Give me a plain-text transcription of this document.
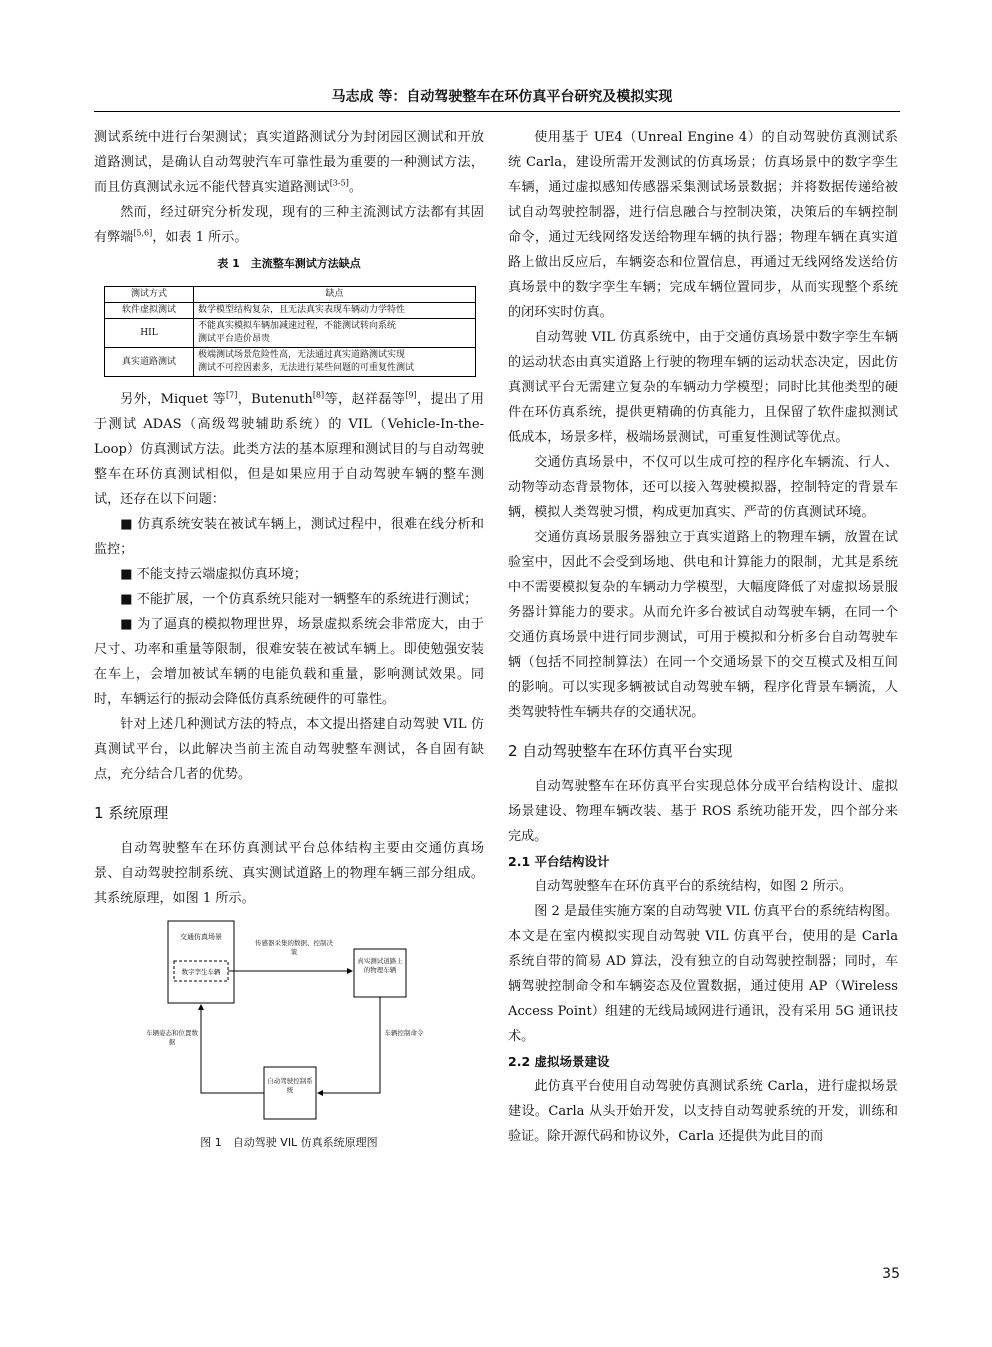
马志成 等：自动驾驶整车在环仿真平台研究及模拟实现

测试系统中进行台架测试；真实道路测试分为封闭园区测试和开放道路测试，是确认自动驾驶汽车可靠性最为重要的一种测试方法，而且仿真测试永远不能代替真实道路测试[3-5]。

然而，经过研究分析发现，现有的三种主流测试方法都有其固有弊端[5,6]，如表 1 所示。

表 1　主流整车测试方法缺点
测试方式	缺点
软件虚拟测试	数学模型结构复杂，且无法真实表现车辆动力学特性

HIL	不能真实模拟车辆加减速过程，不能测试转向系统
测试平台造价昂贵

真实道路测试	极端测试场景危险性高，无法通过真实道路测试实现
测试不可控因素多，无法进行某些问题的可重复性测试

另外，Miquet 等[7]，Butenuth[8]等，赵祥磊等[9]，提出了用于测试 ADAS（高级驾驶辅助系统）的 VIL（Vehicle-In-the-Loop）仿真测试方法。此类方法的基本原理和测试目的与自动驾驶整车在环仿真测试相似，但是如果应用于自动驾驶车辆的整车测试，还存在以下问题：

■ 仿真系统安装在被试车辆上，测试过程中，很难在线分析和监控；

■ 不能支持云端虚拟仿真环境；

■ 不能扩展，一个仿真系统只能对一辆整车的系统进行测试；

■ 为了逼真的模拟物理世界，场景虚拟系统会非常庞大，由于尺寸、功率和重量等限制，很难安装在被试车辆上。即使勉强安装在车上，会增加被试车辆的电能负载和重量，影响测试效果。同时，车辆运行的振动会降低仿真系统硬件的可靠性。

针对上述几种测试方法的特点，本文提出搭建自动驾驶 VIL 仿真测试平台，以此解决当前主流自动驾驶整车测试，各自固有缺点，充分结合几者的优势。

1 系统原理

自动驾驶整车在环仿真测试平台总体结构主要由交通仿真场景、自动驾驶控制系统、真实测试道路上的物理车辆三部分组成。其系统原理，如图 1 所示。

交通仿真场景
数字孪生车辆
真实测试道路上的物理车辆
自动驾驶控制系统
传感器采集的数据、控制决策
车辆姿态和位置数据
车辆控制命令
图 1　自动驾驶 VIL 仿真系统原理图

使用基于 UE4（Unreal Engine 4）的自动驾驶仿真测试系统 Carla，建设所需开发测试的仿真场景；仿真场景中的数字孪生车辆，通过虚拟感知传感器采集测试场景数据；并将数据传递给被试自动驾驶控制器，进行信息融合与控制决策，决策后的车辆控制命令，通过无线网络发送给物理车辆的执行器；物理车辆在真实道路上做出反应后，车辆姿态和位置信息，再通过无线网络发送给仿真场景中的数字孪生车辆；完成车辆位置同步，从而实现整个系统的闭环实时仿真。

自动驾驶 VIL 仿真系统中，由于交通仿真场景中数字孪生车辆的运动状态由真实道路上行驶的物理车辆的运动状态决定，因此仿真测试平台无需建立复杂的车辆动力学模型；同时比其他类型的硬件在环仿真系统，提供更精确的仿真能力，且保留了软件虚拟测试低成本，场景多样，极端场景测试，可重复性测试等优点。

交通仿真场景中，不仅可以生成可控的程序化车辆流、行人、动物等动态背景物体，还可以接入驾驶模拟器，控制特定的背景车辆，模拟人类驾驶习惯，构成更加真实、严苛的仿真测试环境。

交通仿真场景服务器独立于真实道路上的物理车辆，放置在试验室中，因此不会受到场地、供电和计算能力的限制，尤其是系统中不需要模拟复杂的车辆动力学模型，大幅度降低了对虚拟场景服务器计算能力的要求。从而允许多台被试自动驾驶车辆，在同一个交通仿真场景中进行同步测试，可用于模拟和分析多台自动驾驶车辆（包括不同控制算法）在同一个交通场景下的交互模式及相互间的影响。可以实现多辆被试自动驾驶车辆，程序化背景车辆流，人类驾驶特性车辆共存的交通状况。

2 自动驾驶整车在环仿真平台实现

自动驾驶整车在环仿真平台实现总体分成平台结构设计、虚拟场景建设、物理车辆改装、基于 ROS 系统功能开发，四个部分来完成。

2.1 平台结构设计

自动驾驶整车在环仿真平台的系统结构，如图 2 所示。

图 2 是最佳实施方案的自动驾驶 VIL 仿真平台的系统结构图。本文是在室内模拟实现自动驾驶 VIL 仿真平台，使用的是 Carla 系统自带的简易 AD 算法，没有独立的自动驾驶控制器；同时，车辆驾驶控制命令和车辆姿态及位置数据，通过使用 AP（Wireless Access Point）组建的无线局域网进行通讯，没有采用 5G 通讯技术。

2.2 虚拟场景建设

此仿真平台使用自动驾驶仿真测试系统 Carla，进行虚拟场景建设。Carla 从头开始开发，以支持自动驾驶系统的开发，训练和验证。除开源代码和协议外，Carla 还提供为此目的而

35
